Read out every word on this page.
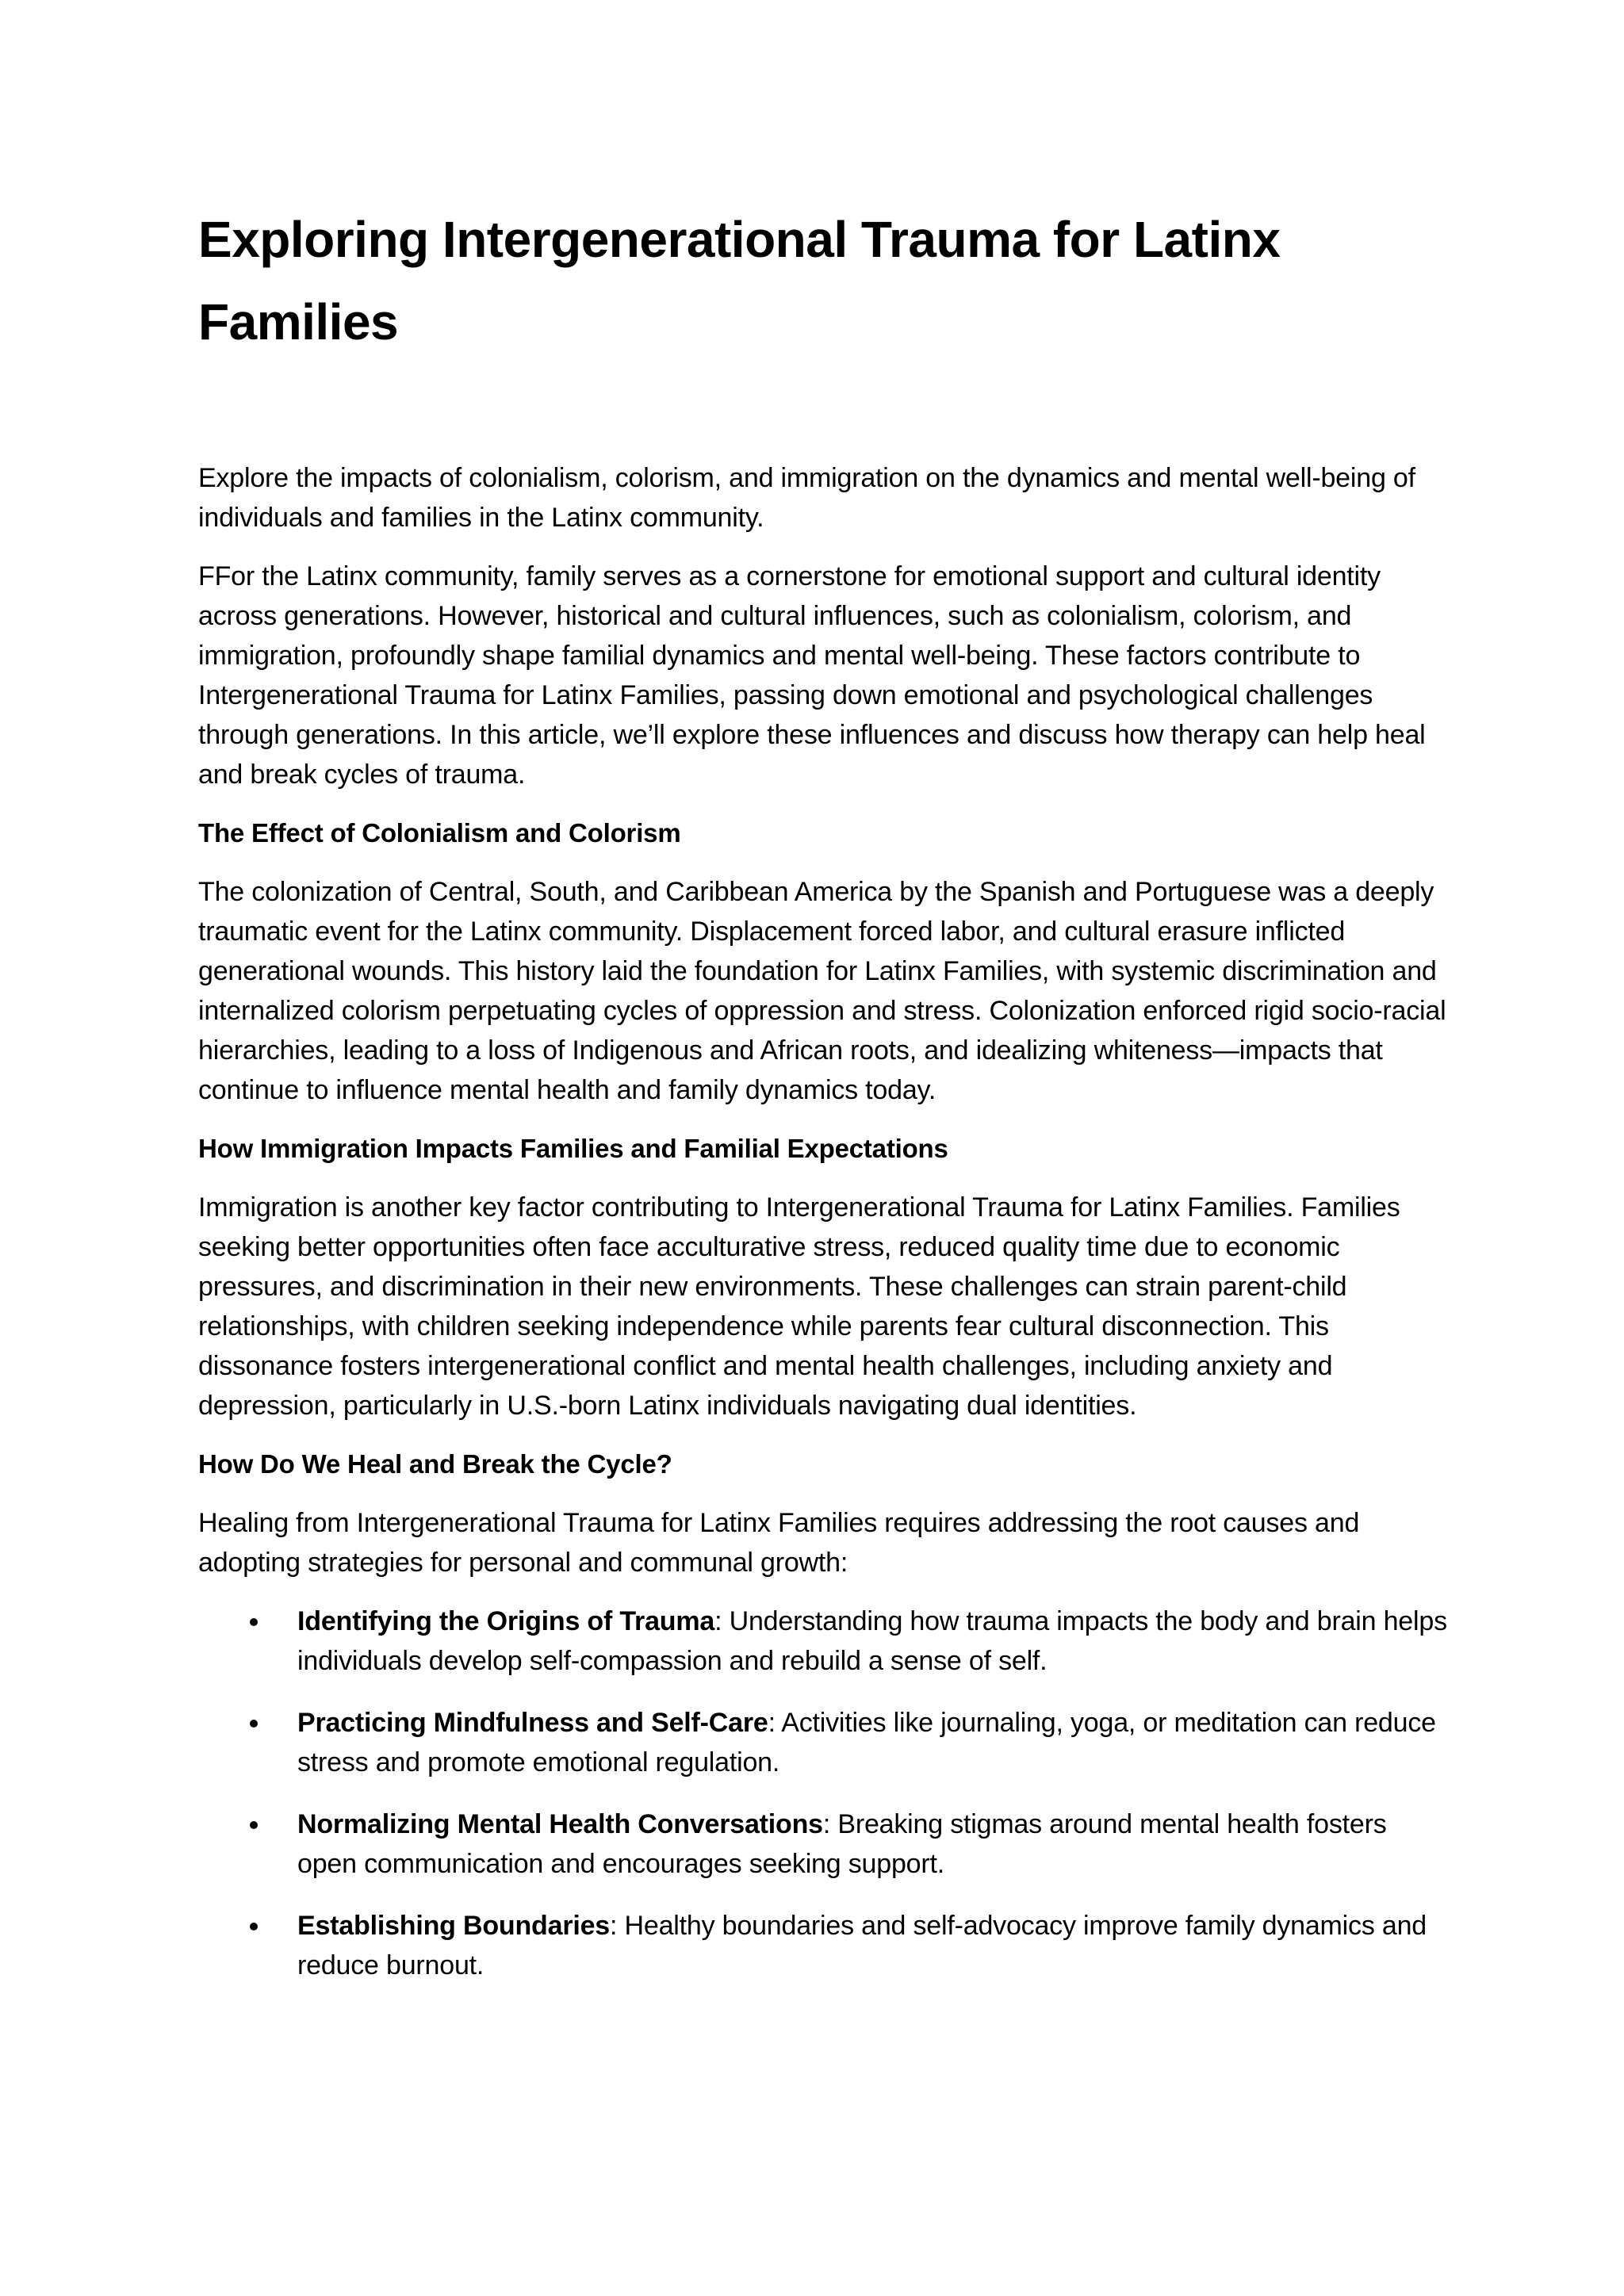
Exploring Intergenerational Trauma for Latinx Families

Explore the impacts of colonialism, colorism, and immigration on the dynamics and mental well-being of individuals and families in the Latinx community.

FFor the Latinx community, family serves as a cornerstone for emotional support and cultural identity across generations. However, historical and cultural influences, such as colonialism, colorism, and immigration, profoundly shape familial dynamics and mental well-being. These factors contribute to Intergenerational Trauma for Latinx Families, passing down emotional and psychological challenges through generations. In this article, we’ll explore these influences and discuss how therapy can help heal and break cycles of trauma.

The Effect of Colonialism and Colorism

The colonization of Central, South, and Caribbean America by the Spanish and Portuguese was a deeply traumatic event for the Latinx community. Displacement forced labor, and cultural erasure inflicted generational wounds. This history laid the foundation for Latinx Families, with systemic discrimination and internalized colorism perpetuating cycles of oppression and stress. Colonization enforced rigid socio-racial hierarchies, leading to a loss of Indigenous and African roots, and idealizing whiteness—impacts that continue to influence mental health and family dynamics today.

How Immigration Impacts Families and Familial Expectations

Immigration is another key factor contributing to Intergenerational Trauma for Latinx Families. Families seeking better opportunities often face acculturative stress, reduced quality time due to economic pressures, and discrimination in their new environments. These challenges can strain parent-child relationships, with children seeking independence while parents fear cultural disconnection. This dissonance fosters intergenerational conflict and mental health challenges, including anxiety and depression, particularly in U.S.-born Latinx individuals navigating dual identities.

How Do We Heal and Break the Cycle?

Healing from Intergenerational Trauma for Latinx Families requires addressing the root causes and adopting strategies for personal and communal growth:

Identifying the Origins of Trauma: Understanding how trauma impacts the body and brain helps individuals develop self-compassion and rebuild a sense of self.
Practicing Mindfulness and Self-Care: Activities like journaling, yoga, or meditation can reduce stress and promote emotional regulation.
Normalizing Mental Health Conversations: Breaking stigmas around mental health fosters open communication and encourages seeking support.
Establishing Boundaries: Healthy boundaries and self-advocacy improve family dynamics and reduce burnout.
